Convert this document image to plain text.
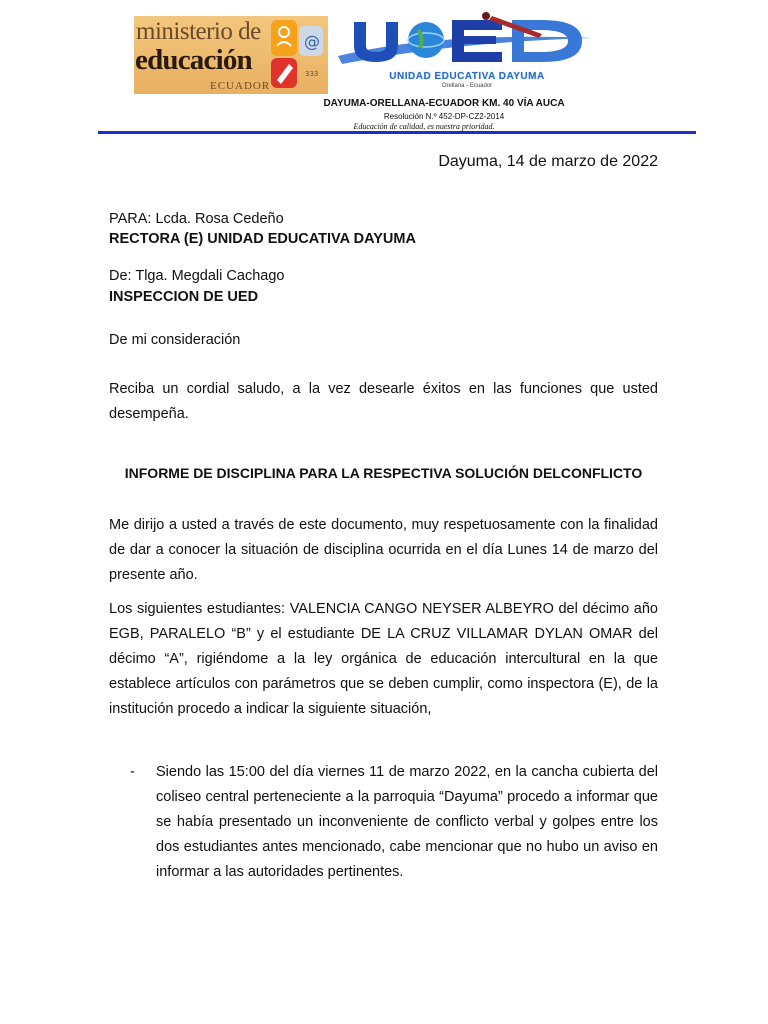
ministerio de
educación
ECUADOR
@
333	UNIDAD EDUCATIVA DAYUMA
Orellana - Ecuador
DAYUMA-ORELLANA-ECUADOR KM. 40 VÍA AUCA
Resolución N.º 452-DP-CZ2-2014
Educación de calidad, es nuestra prioridad.
Dayuma, 14 de marzo de 2022
PARA: Lcda. Rosa Cedeño
RECTORA (E) UNIDAD EDUCATIVA DAYUMA
De: Tlga. Megdali Cachago
INSPECCION DE UED
De mi consideración
Reciba un cordial saludo, a la vez desearle éxitos en las funciones que usted desempeña.
INFORME DE DISCIPLINA PARA LA RESPECTIVA SOLUCIÓN DELCONFLICTO
Me dirijo a usted a través de este documento, muy respetuosamente con la finalidad de dar a conocer la situación de disciplina ocurrida en el día Lunes 14 de marzo del presente año.
Los siguientes estudiantes: VALENCIA CANGO NEYSER ALBEYRO del décimo año EGB, PARALELO “B” y el estudiante DE LA CRUZ VILLAMAR DYLAN OMAR del décimo “A”, rigiéndome a la ley orgánica de educación intercultural en la que establece artículos con parámetros que se deben cumplir, como inspectora (E), de la institución procedo a indicar la siguiente situación,
- Siendo las 15:00 del día viernes 11 de marzo 2022, en la cancha cubierta del coliseo central perteneciente a la parroquia “Dayuma” procedo a informar que se había presentado un inconveniente de conflicto verbal y golpes entre los dos estudiantes antes mencionado, cabe mencionar que no hubo un aviso en informar a las autoridades pertinentes.
